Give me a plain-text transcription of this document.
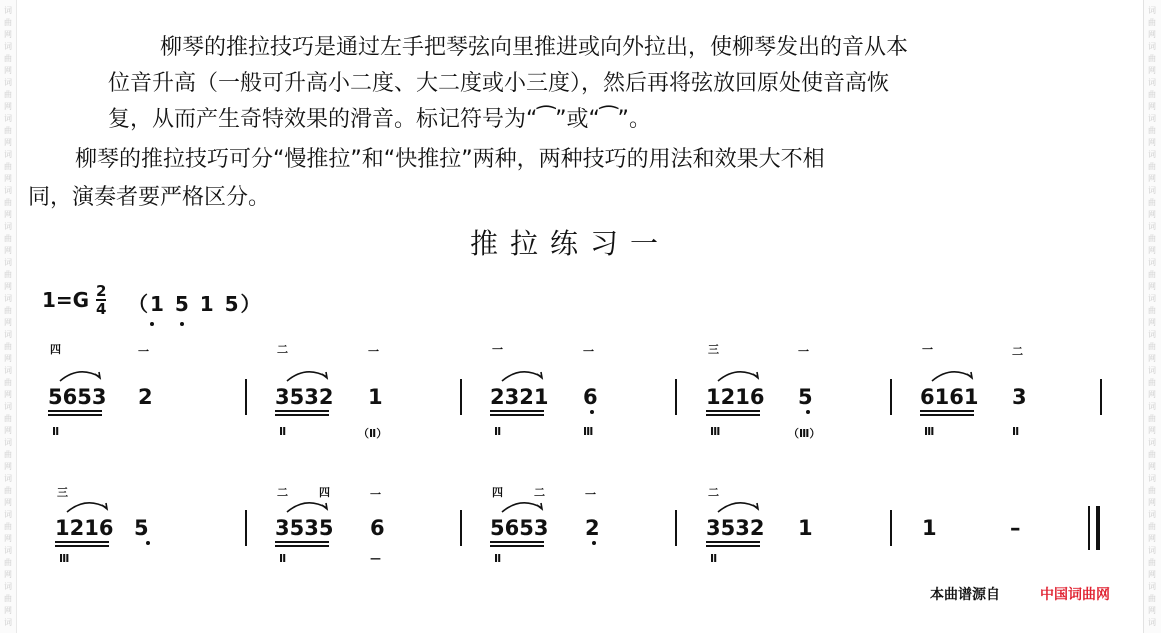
词
曲
网
词
曲
网
词
曲
网
词
曲
网
词
曲
网
词
曲
网
词
曲
网
词
曲
网
词
曲
网
词
曲
网
词
曲
网
词
曲
网
词
曲
网
词
曲
网
词
曲
网
词
曲
网
词
曲
网
词
词
曲
网
词
曲
网
词
曲
网
词
曲
网
词
曲
网
词
曲
网
词
曲
网
词
曲
网
词
曲
网
词
曲
网
词
曲
网
词
曲
网
词
曲
网
词
曲
网
词
曲
网
词
曲
网
词
曲
网
词
柳琴的推拉技巧是通过左手把琴弦向里推进或向外拉出，使柳琴发出的音从本
位音升高（一般可升高小二度、大二度或小三度），然后再将弦放回原处使音高恢
复，从而产生奇特效果的滑音。标记符号为“⁀”或“⁀”。
柳琴的推拉技巧可分“慢推拉”和“快推拉”两种，两种技巧的用法和效果大不相
同，演奏者要严格区分。
推拉练习一
1=G 2
4 （1 5 1 5）
5653
四
Ⅱ
2
一
3532
二
Ⅱ
1
一
（Ⅱ）
2321
一
Ⅱ
6
一
Ⅲ
1216
三
Ⅲ
5
一
（Ⅲ）
6161
一
Ⅲ
3
二
Ⅱ
1216
三
Ⅲ
5	3535
二	四
Ⅱ
6
一
—
5653
四	二
Ⅱ
2
一
3532
二
Ⅱ
1	1	–
本曲谱源自	中国词曲网
